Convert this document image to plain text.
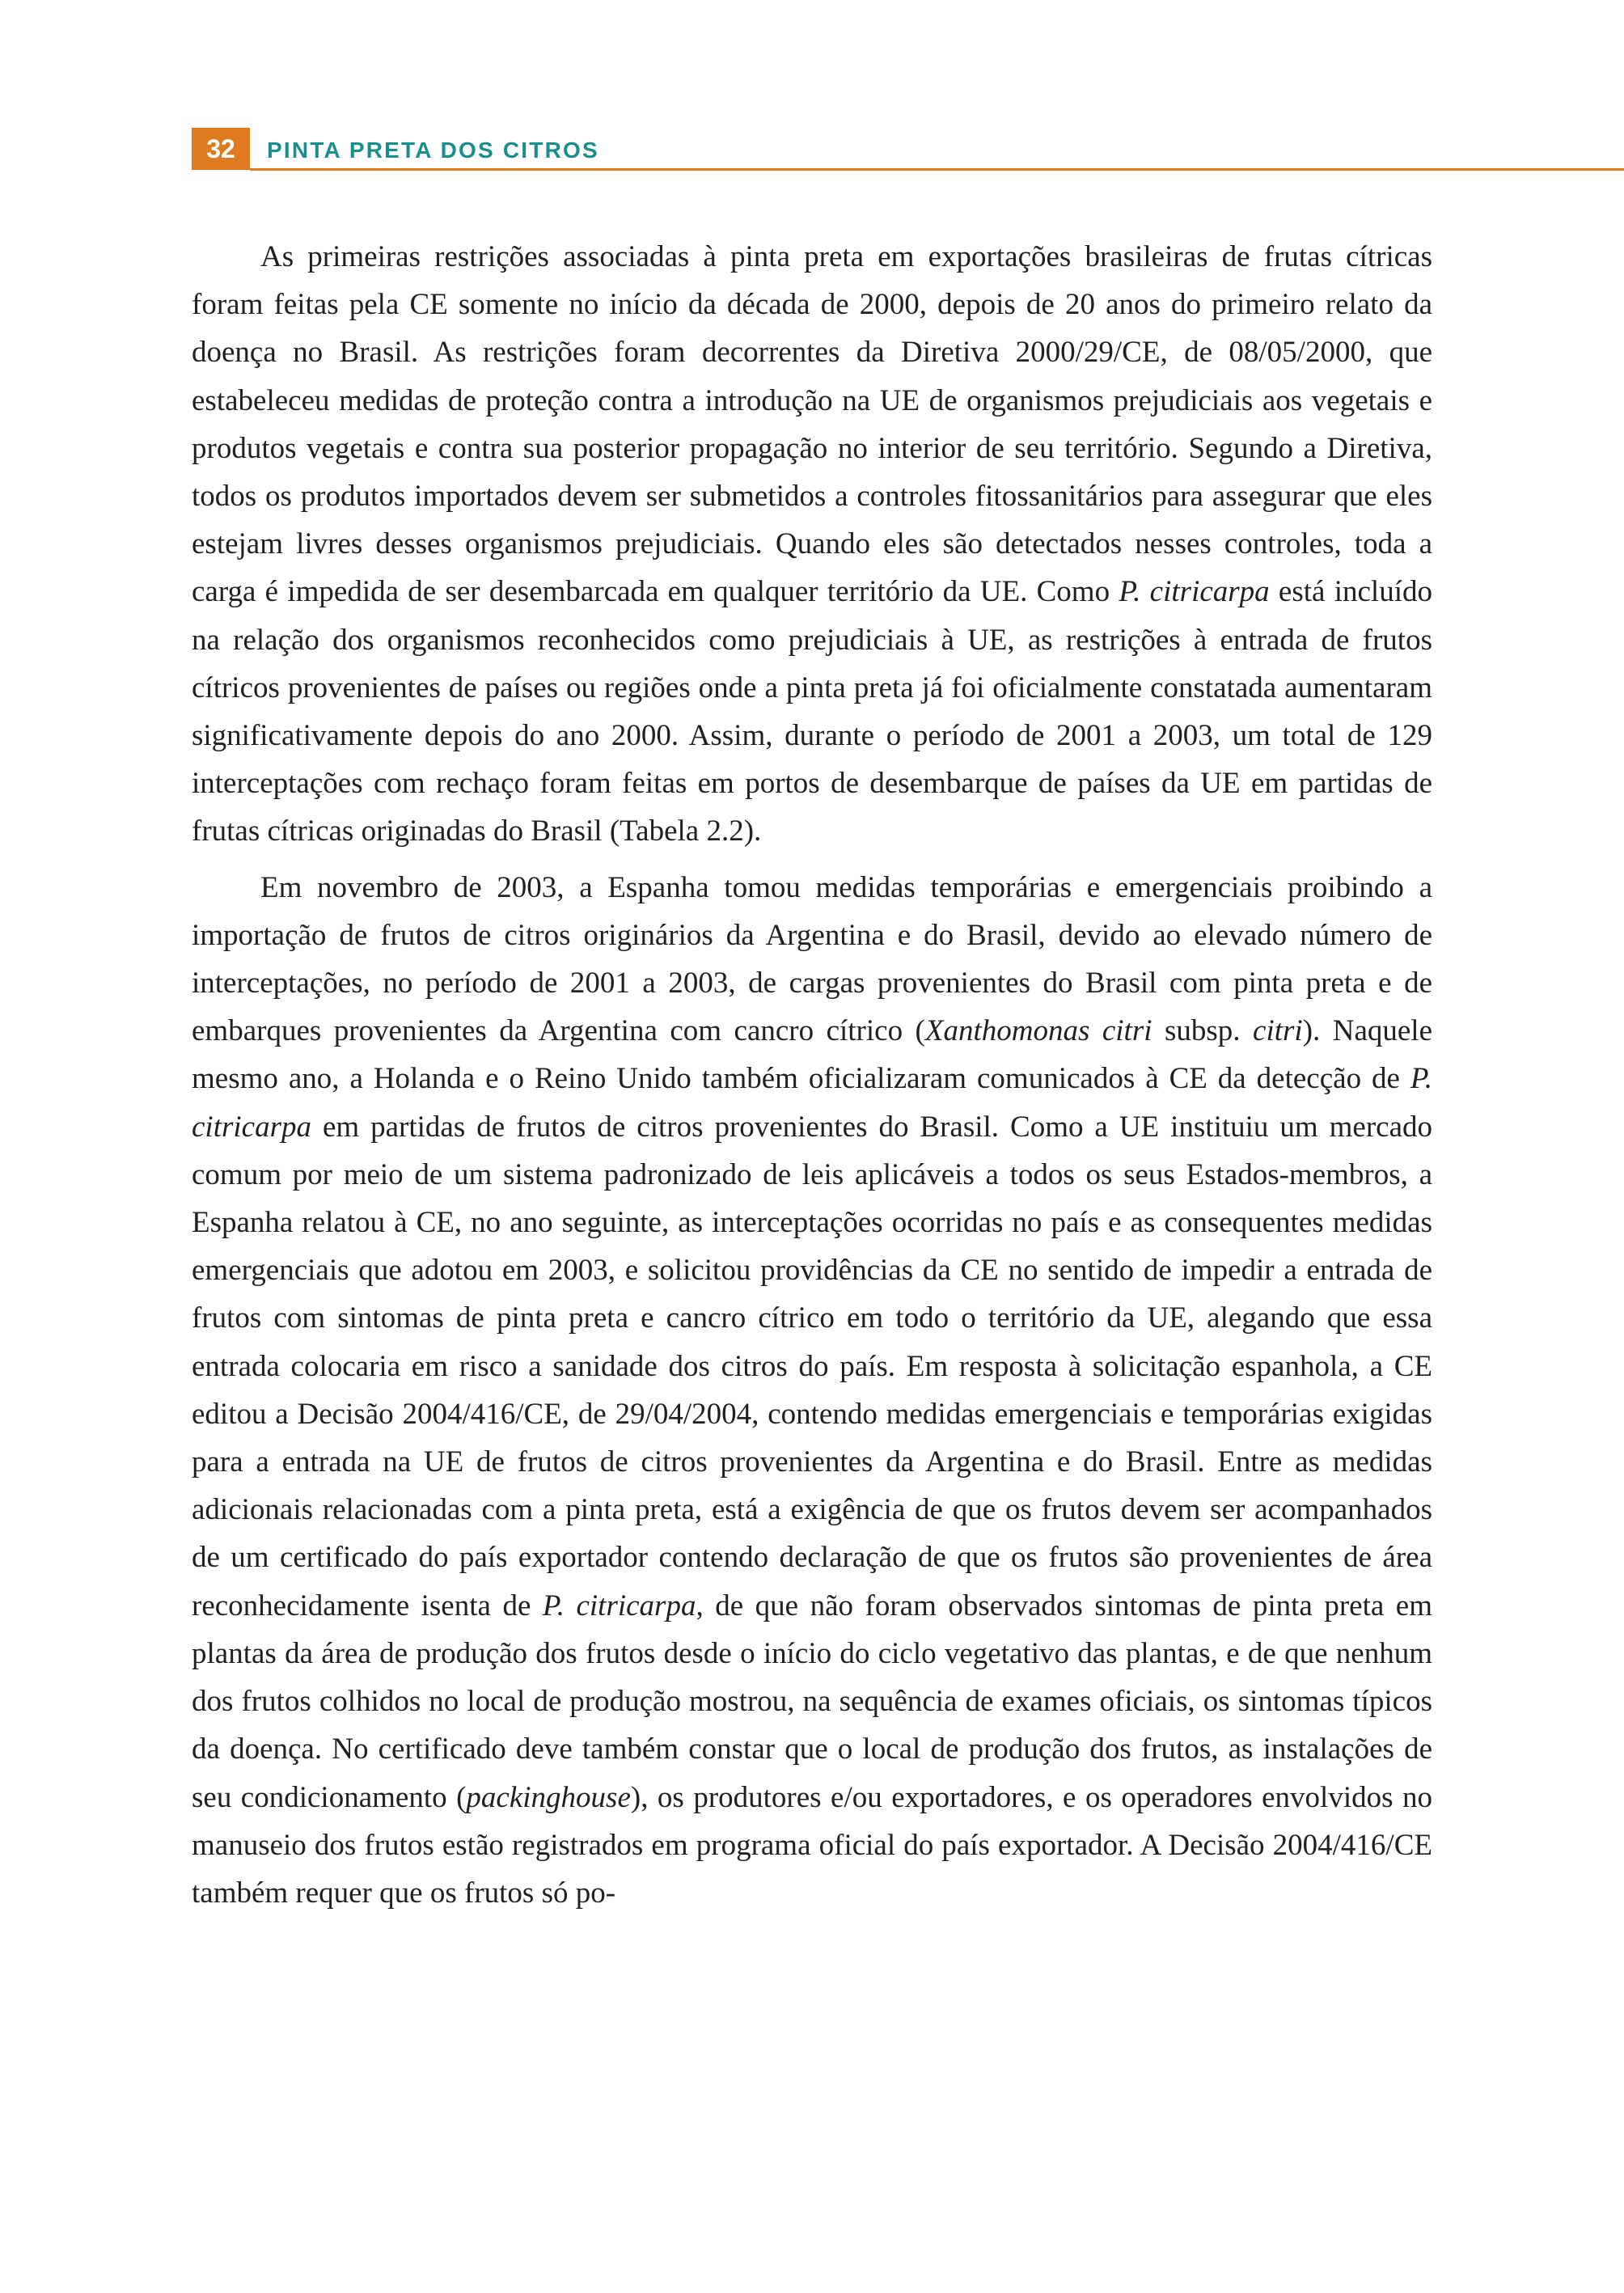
32	PINTA PRETA DOS CITROS

As primeiras restrições associadas à pinta preta em exportações brasileiras de frutas cítricas foram feitas pela CE somente no início da década de 2000, depois de 20 anos do primeiro relato da doença no Brasil. As restrições foram decorrentes da Diretiva 2000/29/CE, de 08/05/2000, que estabeleceu medidas de proteção contra a introdução na UE de organismos prejudiciais aos vegetais e produtos vegetais e contra sua posterior propagação no interior de seu território. Segundo a Diretiva, todos os produtos importados devem ser submetidos a controles fitossanitários para assegurar que eles estejam livres desses organismos prejudiciais. Quando eles são detectados nesses controles, toda a carga é impedida de ser desembarcada em qualquer território da UE. Como P. citricarpa está incluído na relação dos organismos reconhecidos como prejudiciais à UE, as restrições à entrada de frutos cítricos provenientes de países ou regiões onde a pinta preta já foi oficialmente constatada aumentaram significativamente depois do ano 2000. Assim, durante o período de 2001 a 2003, um total de 129 interceptações com rechaço foram feitas em portos de desembarque de países da UE em partidas de frutas cítricas originadas do Brasil (Tabela 2.2).

Em novembro de 2003, a Espanha tomou medidas temporárias e emergenciais proibindo a importação de frutos de citros originários da Argentina e do Brasil, devido ao elevado número de interceptações, no período de 2001 a 2003, de cargas provenientes do Brasil com pinta preta e de embarques provenientes da Argentina com cancro cítrico (Xanthomonas citri subsp. citri). Naquele mesmo ano, a Holanda e o Reino Unido também oficializaram comunicados à CE da detecção de P. citricarpa em partidas de frutos de citros provenientes do Brasil. Como a UE instituiu um mercado comum por meio de um sistema padronizado de leis aplicáveis a todos os seus Estados-membros, a Espanha relatou à CE, no ano seguinte, as interceptações ocorridas no país e as consequentes medidas emergenciais que adotou em 2003, e solicitou providências da CE no sentido de impedir a entrada de frutos com sintomas de pinta preta e cancro cítrico em todo o território da UE, alegando que essa entrada colocaria em risco a sanidade dos citros do país. Em resposta à solicitação espanhola, a CE editou a Decisão 2004/416/CE, de 29/04/2004, contendo medidas emergenciais e temporárias exigidas para a entrada na UE de frutos de citros provenientes da Argentina e do Brasil. Entre as medidas adicionais relacionadas com a pinta preta, está a exigência de que os frutos devem ser acompanhados de um certificado do país exportador contendo declaração de que os frutos são provenientes de área reconhecidamente isenta de P. citricarpa, de que não foram observados sintomas de pinta preta em plantas da área de produção dos frutos desde o início do ciclo vegetativo das plantas, e de que nenhum dos frutos colhidos no local de produção mostrou, na sequência de exames oficiais, os sintomas típicos da doença. No certificado deve também constar que o local de produção dos frutos, as instalações de seu condicionamento (packinghouse), os produtores e/ou exportadores, e os operadores envolvidos no manuseio dos frutos estão registrados em programa oficial do país exportador. A Decisão 2004/416/CE também requer que os frutos só po-
